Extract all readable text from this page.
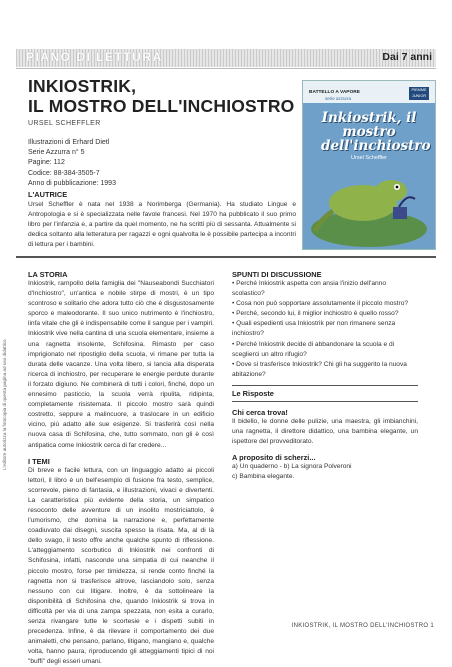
PIANO DI LETTURA	Dai 7 anni
INKIOSTRIK,
IL MOSTRO DELL'INCHIOSTRO
URSEL SCHEFFLER
Illustrazioni di Erhard Dietl
Serie Azzurra n° 5
Pagine: 112
Codice: 88-384-3505-7
Anno di pubblicazione: 1993
BATTELLO A VAPORE
serie azzurra
PIEMME JUNIOR
Inkiostrik, il mostro dell'inchiostro
Ursel Scheffler
L'AUTRICE
Ursel Scheffler è nata nel 1938 a Norimberga (Germania). Ha studiato Lingue e Antropologia e si è specializzata nelle favole francesi. Nel 1970 ha pubblicato il suo primo libro per l'infanzia e, a partire da quel momento, ne ha scritti più di sessanta. Attualmente si dedica soltanto alla letteratura per ragazzi e ogni qualvolta le è possibile partecipa a incontri di lettura per i bambini.
LA STORIA

Inkiostrik, rampollo della famiglia dei "Nauseabondi Succhiatori d'Inchiostro", un'antica e nobile stirpe di mostri, è un tipo scontroso e solitario che adora tutto ciò che è disgustosamente sporco e maleodorante. Il suo unico nutrimento è l'inchiostro, linfa vitale che gli è indispensabile come il sangue per i vampiri. Inkiostrik vive nella cantina di una scuola elementare, insieme a una ragnetta insolente, Schifosina. Rimasto per caso imprigionato nel ripostiglio della scuola, vi rimane per tutta la durata delle vacanze. Una volta libero, si lancia alla disperata ricerca di inchiostro, per recuperare le energie perdute durante il forzato digiuno. Ne combinerà di tutti i colori, finché, dopo un ennesimo pasticcio, la scuola verrà ripulita, ridipinta, completamente risistemata. Il piccolo mostro sarà quindi costretto, seppure a malincuore, a traslocare in un edificio vicino, più adatto alle sue esigenze. Si trasferirà così nella nuova casa di Schifosina, che, tutto sommato, non gli è così antipatica come Inkiostrik cerca di far credere...

I TEMI

Di breve e facile lettura, con un linguaggio adatto ai piccoli lettori, il libro è un bell'esempio di fusione fra testo, semplice, scorrevole, pieno di fantasia, e illustrazioni, vivaci e divertenti. La caratteristica più evidente della storia, un simpatico resoconto delle avventure di un insolito mostriciattolo, è l'umorismo, che domina la narrazione e, perfettamente coadiuvato dai disegni, suscita spesso la risata. Ma, al di là dello svago, il testo offre anche qualche spunto di riflessione. L'atteggiamento scorbutico di Inkiostrik nei confronti di Schifosina, infatti, nasconde una simpatia di cui neanche il piccolo mostro, forse per timidezza, si rende conto finché la ragnetta non si trasferisce altrove, lasciandolo solo, senza nessuno con cui litigare. Inoltre, è da sottolineare la disponibilità di Schifosina che, quando Inkiostrik si trova in difficoltà per via di una zampa spezzata, non esita a curarlo, senza rivangare tutte le scortesie e i dispetti subiti in precedenza. Infine, è da rilevare il comportamento dei due animaletti, che pensano, parlano, litigano, mangiano e, qualche volta, hanno paura, riproducendo gli atteggiamenti tipici di noi "buffi" degli esseri umani.

SPUNTI DI DISCUSSIONE
• Perché Inkiostrik aspetta con ansia l'inizio dell'anno scolastico?
• Cosa non può sopportare assolutamente il piccolo mostro?
• Perché, secondo lui, il miglior inchiostro è quello rosso?
• Quali espedienti usa Inkiostrik per non rimanere senza inchiostro?
• Perché Inkiostrik decide di abbandonare la scuola e di sceglierci un altro rifugio?
• Dove si trasferisce Inkiostrik? Chi gli ha suggerito la nuova abitazione?
Le Risposte
Chi cerca trova!
Il bidello, le donne delle pulizie, una maestra, gli imbianchini, una ragnetta, il direttore didattico, una bambina elegante, un ispettore del provveditorato.
A proposito di scherzi...
a) Un quaderno - b) La signora Polveroni
c) Bambina elegante.
L'editore autorizza la fotocopia di questa pagina ad uso didattico
INKIOSTRIK, IL MOSTRO DELL'INCHIOSTRO 1
